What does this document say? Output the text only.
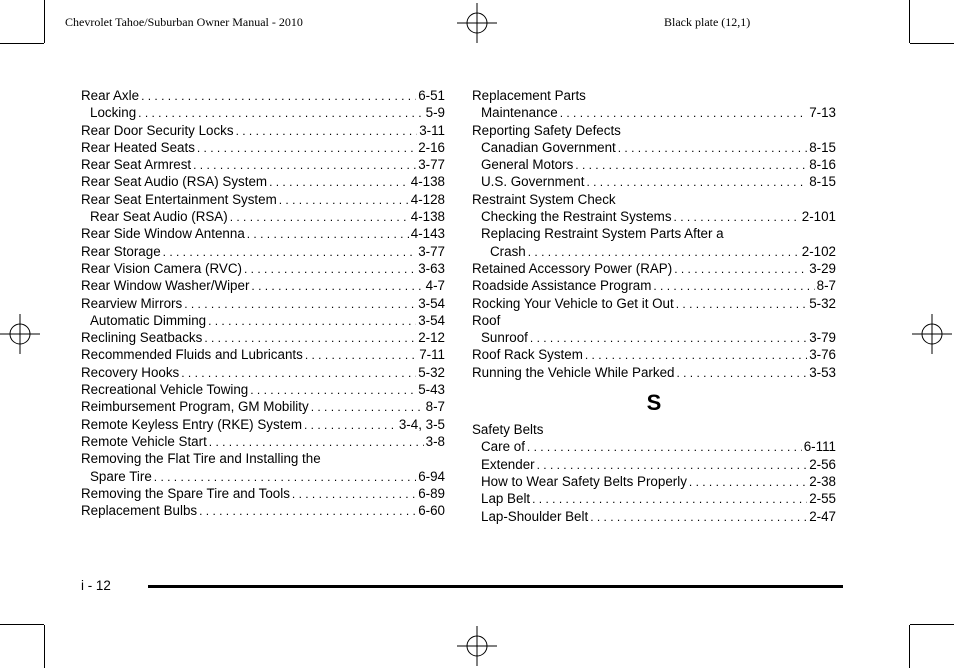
Chevrolet Tahoe/Suburban Owner Manual - 2010	Black plate (12,1)
Rear Axle . . .	6-51
Locking . . .	5-9
Rear Door Security Locks . . .	3-11
Rear Heated Seats . . .	2-16
Rear Seat Armrest . . .	3-77
Rear Seat Audio (RSA) System . . .	4-138
Rear Seat Entertainment System . . .	4-128
Rear Seat Audio (RSA) . . .	4-138
Rear Side Window Antenna . . .	4-143
Rear Storage . . .	3-77
Rear Vision Camera (RVC) . . .	3-63
Rear Window Washer/Wiper . . .	4-7
Rearview Mirrors . . .	3-54
Automatic Dimming . . .	3-54
Reclining Seatbacks . . .	2-12
Recommended Fluids and Lubricants . . .	7-11
Recovery Hooks . . .	5-32
Recreational Vehicle Towing . . .	5-43
Reimbursement Program, GM Mobility . . .	8-7
Remote Keyless Entry (RKE) System . . .	3-4, 3-5
Remote Vehicle Start . . .	3-8
Removing the Flat Tire and Installing the
Spare Tire . . .	6-94
Removing the Spare Tire and Tools . . .	6-89
Replacement Bulbs . . .	6-60
Replacement Parts
Maintenance . . .	7-13
Reporting Safety Defects
Canadian Government . . .	8-15
General Motors . . .	8-16
U.S. Government . . .	8-15
Restraint System Check
Checking the Restraint Systems . . .	2-101
Replacing Restraint System Parts After a
Crash . . .	2-102
Retained Accessory Power (RAP) . . .	3-29
Roadside Assistance Program . . .	8-7
Rocking Your Vehicle to Get it Out . . .	5-32
Roof
Sunroof . . .	3-79
Roof Rack System . . .	3-76
Running the Vehicle While Parked . . .	3-53
S
Safety Belts
Care of . . .	6-111
Extender . . .	2-56
How to Wear Safety Belts Properly . . .	2-38
Lap Belt . . .	2-55
Lap-Shoulder Belt . . .	2-47
i - 12
